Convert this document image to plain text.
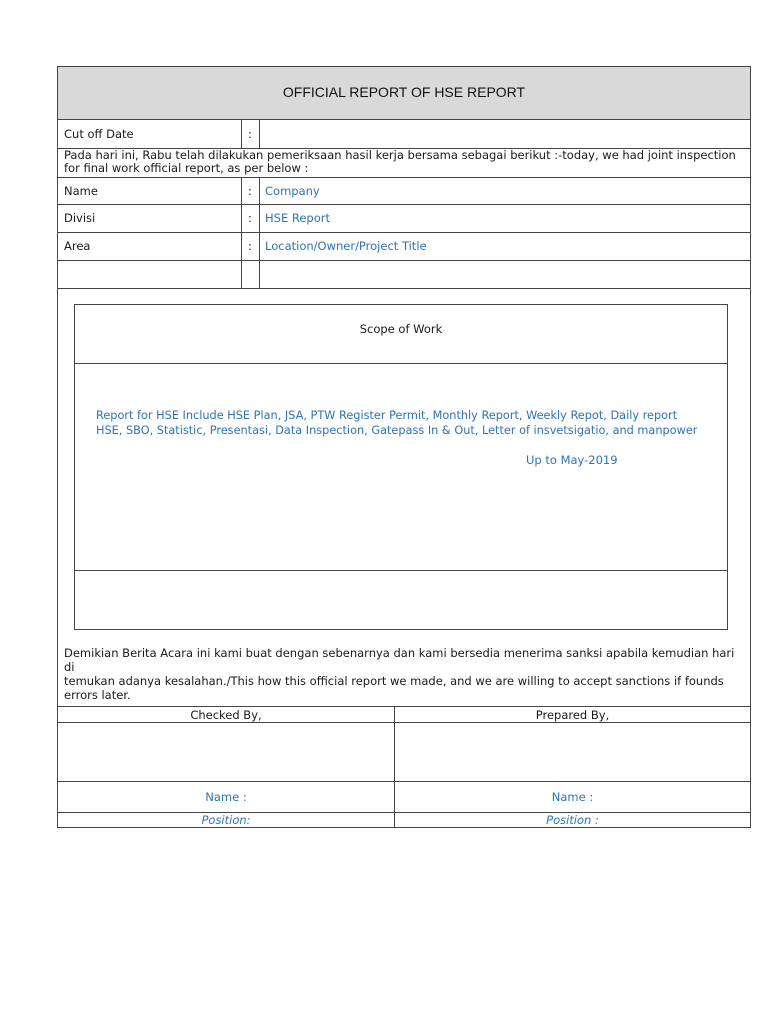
OFFICIAL REPORT OF HSE REPORT
Cut off Date	:
Pada hari ini, Rabu telah dilakukan pemeriksaan hasil kerja bersama sebagai berikut :-today, we had joint inspection
for final work official report, as per below :
Name	: Company
Divisi	: HSE Report
Area	: Location/Owner/Project Title
Scope of Work
Report for HSE Include HSE Plan, JSA, PTW Register Permit, Monthly Report, Weekly Repot, Daily report
HSE, SBO, Statistic, Presentasi, Data Inspection, Gatepass In & Out, Letter of insvetsigatio, and manpower
Up to May-2019
Demikian Berita Acara ini kami buat dengan sebenarnya dan kami bersedia menerima sanksi apabila kemudian hari di
temukan adanya kesalahan./This how this official report we made, and we are willing to accept sanctions if founds
errors later.
Checked By,	Prepared By,
Name :	Name :
Position:	Position :
